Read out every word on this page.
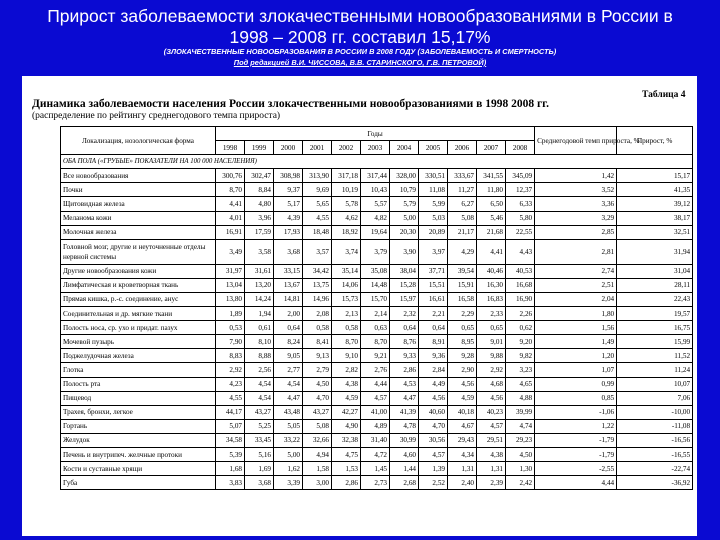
Прирост заболеваемости злокачественными новообразованиями в России в
1998 – 2008 гг. составил 15,17%
(ЗЛОКАЧЕСТВЕННЫЕ НОВООБРАЗОВАНИЯ В РОССИИ В 2008 ГОДУ (ЗАБОЛЕВАЕМОСТЬ И СМЕРТНОСТЬ)
Под редакцией В.И. ЧИССОВА, В.В. СТАРИНСКОГО, Г.В. ПЕТРОВОЙ)
Таблица 4
Динамика заболеваемости населения России злокачественными новообразованиями в 1998 2008 гг.
(распределение по рейтингу среднегодового темпа прироста)
Локализация, нозологическая форма	Годы											Среднегодовой темп прироста, %	Прирост, %
	1998	1999	2000	2001	2002	2003	2004	2005	2006	2007	2008		
ОБА ПОЛА («ГРУБЫЕ» ПОКАЗАТЕЛИ НА 100 000 НАСЕЛЕНИЯ)													
Все новообразования	300,76	302,47	308,98	313,90	317,18	317,44	328,00	330,51	333,67	341,55	345,09	1,42	15,17
Почки	8,70	8,84	9,37	9,69	10,19	10,43	10,79	11,08	11,27	11,80	12,37	3,52	41,35
Щитовидная железа	4,41	4,80	5,17	5,65	5,78	5,57	5,79	5,99	6,27	6,50	6,33	3,36	39,12
Меланома кожи	4,01	3,96	4,39	4,55	4,62	4,82	5,00	5,03	5,08	5,46	5,80	3,29	38,17
Молочная железа	16,91	17,59	17,93	18,48	18,92	19,64	20,30	20,89	21,17	21,68	22,55	2,85	32,51
Головной мозг, другие и неуточненные отделы нервной системы	3,49	3,58	3,68	3,57	3,74	3,79	3,90	3,97	4,29	4,41	4,43	2,81	31,94
Другие новообразования кожи	31,97	31,61	33,15	34,42	35,14	35,08	38,04	37,71	39,54	40,46	40,53	2,74	31,04
Лимфатическая и кроветворная ткань	13,04	13,20	13,67	13,75	14,06	14,48	15,28	15,51	15,91	16,30	16,68	2,51	28,11
Прямая кишка, р.-с. соединение, анус	13,80	14,24	14,81	14,96	15,73	15,70	15,97	16,61	16,58	16,83	16,90	2,04	22,43
Соединительная и др. мягкие ткани	1,89	1,94	2,00	2,08	2,13	2,14	2,32	2,21	2,29	2,33	2,26	1,80	19,57
Полость носа, ср. ухо и придат. пазух	0,53	0,61	0,64	0,58	0,58	0,63	0,64	0,64	0,65	0,65	0,62	1,56	16,75
Мочевой пузырь	7,90	8,10	8,24	8,41	8,70	8,70	8,76	8,91	8,95	9,01	9,20	1,49	15,99
Поджелудочная железа	8,83	8,88	9,05	9,13	9,10	9,21	9,33	9,36	9,28	9,88	9,82	1,20	11,52
Глотка	2,92	2,56	2,77	2,79	2,82	2,76	2,86	2,84	2,90	2,92	3,23	1,07	11,24
Полость рта	4,23	4,54	4,54	4,50	4,38	4,44	4,53	4,49	4,56	4,68	4,65	0,99	10,07
Пищевод	4,55	4,54	4,47	4,70	4,59	4,57	4,47	4,56	4,59	4,56	4,88	0,85	7,06
Трахея, бронхи, легкое	44,17	43,27	43,48	43,27	42,27	41,00	41,39	40,60	40,18	40,23	39,99	-1,06	-10,00
Гортань	5,07	5,25	5,05	5,08	4,90	4,89	4,78	4,70	4,67	4,57	4,74	1,22	-11,08
Желудок	34,58	33,45	33,22	32,66	32,38	31,40	30,99	30,56	29,43	29,51	29,23	-1,79	-16,56
Печень и внутрипеч. желчные протоки	5,39	5,16	5,00	4,94	4,75	4,72	4,60	4,57	4,34	4,38	4,50	-1,79	-16,55
Кости и суставные хрящи	1,68	1,69	1,62	1,58	1,53	1,45	1,44	1,39	1,31	1,31	1,30	-2,55	-22,74
Губа	3,83	3,68	3,39	3,00	2,86	2,73	2,68	2,52	2,40	2,39	2,42	4,44	-36,92
